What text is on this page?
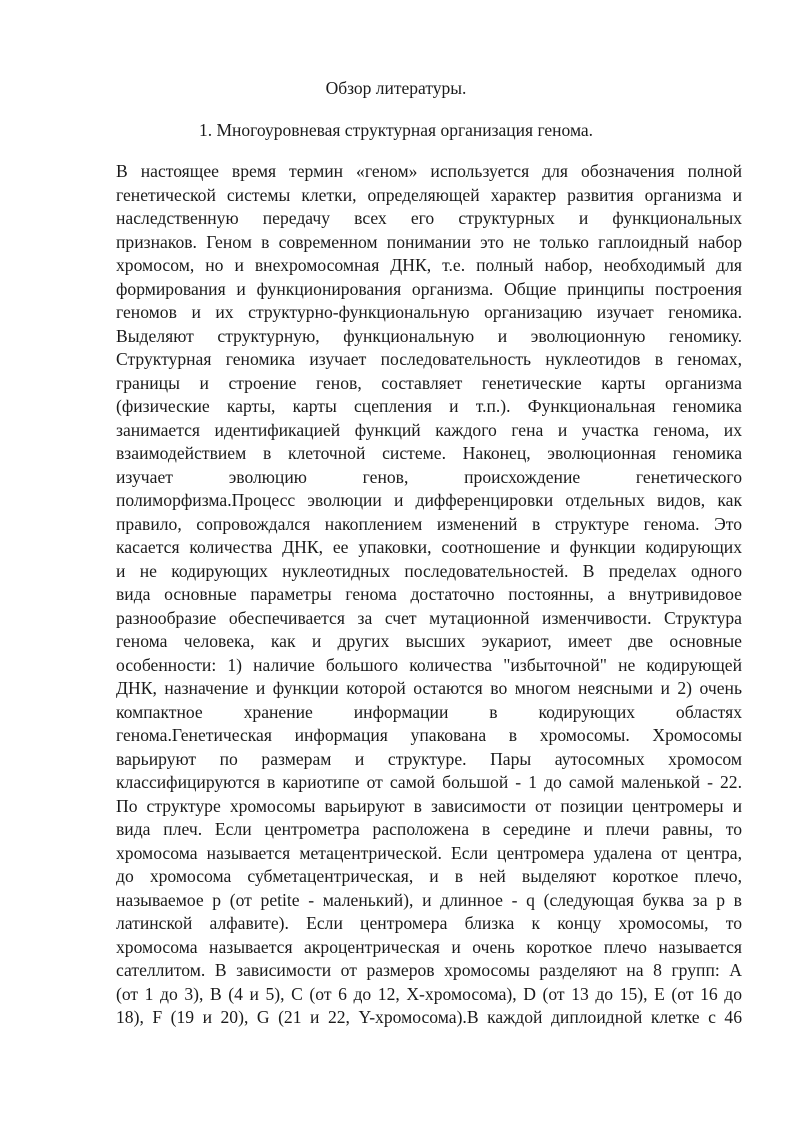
Обзор литературы.
1. Многоуровневая структурная организация генома.
В настоящее время термин «геном» используется для обозначения полной
генетической системы клетки, определяющей характер развития организма и
наследственную передачу всех его структурных и функциональных
признаков. Геном в современном понимании это не только гаплоидный набор
хромосом, но и внехромосомная ДНК, т.е. полный набор, необходимый для
формирования и функционирования организма. Общие принципы построения
геномов и их структурно-функциональную организацию изучает геномика.
Выделяют структурную, функциональную и эволюционную геномику.
Структурная геномика изучает последовательность нуклеотидов в геномах,
границы и строение генов, составляет генетические карты организма
(физические карты, карты сцепления и т.п.). Функциональная геномика
занимается идентификацией функций каждого гена и участка генома, их
взаимодействием в клеточной системе. Наконец, эволюционная геномика
изучает эволюцию генов, происхождение генетического
полиморфизма.Процесс эволюции и дифференцировки отдельных видов, как
правило, сопровождался накоплением изменений в структуре генома. Это
касается количества ДНК, ее упаковки, соотношение и функции кодирующих
и не кодирующих нуклеотидных последовательностей. В пределах одного
вида основные параметры генома достаточно постоянны, а внутривидовое
разнообразие обеспечивается за счет мутационной изменчивости. Структура
генома человека, как и других высших эукариот, имеет две основные
особенности: 1) наличие большого количества "избыточной" не кодирующей
ДНК, назначение и функции которой остаются во многом неясными и 2) очень
компактное хранение информации в кодирующих областях
генома.Генетическая информация упакована в хромосомы. Хромосомы
варьируют по размерам и структуре. Пары аутосомных хромосом
классифицируются в кариотипе от самой большой - 1 до самой маленькой - 22.
По структуре хромосомы варьируют в зависимости от позиции центромеры и
вида плеч. Если центрометра расположена в середине и плечи равны, то
хромосома называется метацентрической. Если центромера удалена от центра,
до хромосома субметацентрическая, и в ней выделяют короткое плечо,
называемое p (от petite - маленький), и длинное - q (следующая буква за p в
латинской алфавите). Если центромера близка к концу хромосомы, то
хромосома называется акроцентрическая и очень короткое плечо называется
сателлитом. В зависимости от размеров хромосомы разделяют на 8 групп: A
(от 1 до 3), B (4 и 5), C (от 6 до 12, X-хромосома), D (от 13 до 15), E (от 16 до
18), F (19 и 20), G (21 и 22, Y-хромосома).В каждой диплоидной клетке с 46
